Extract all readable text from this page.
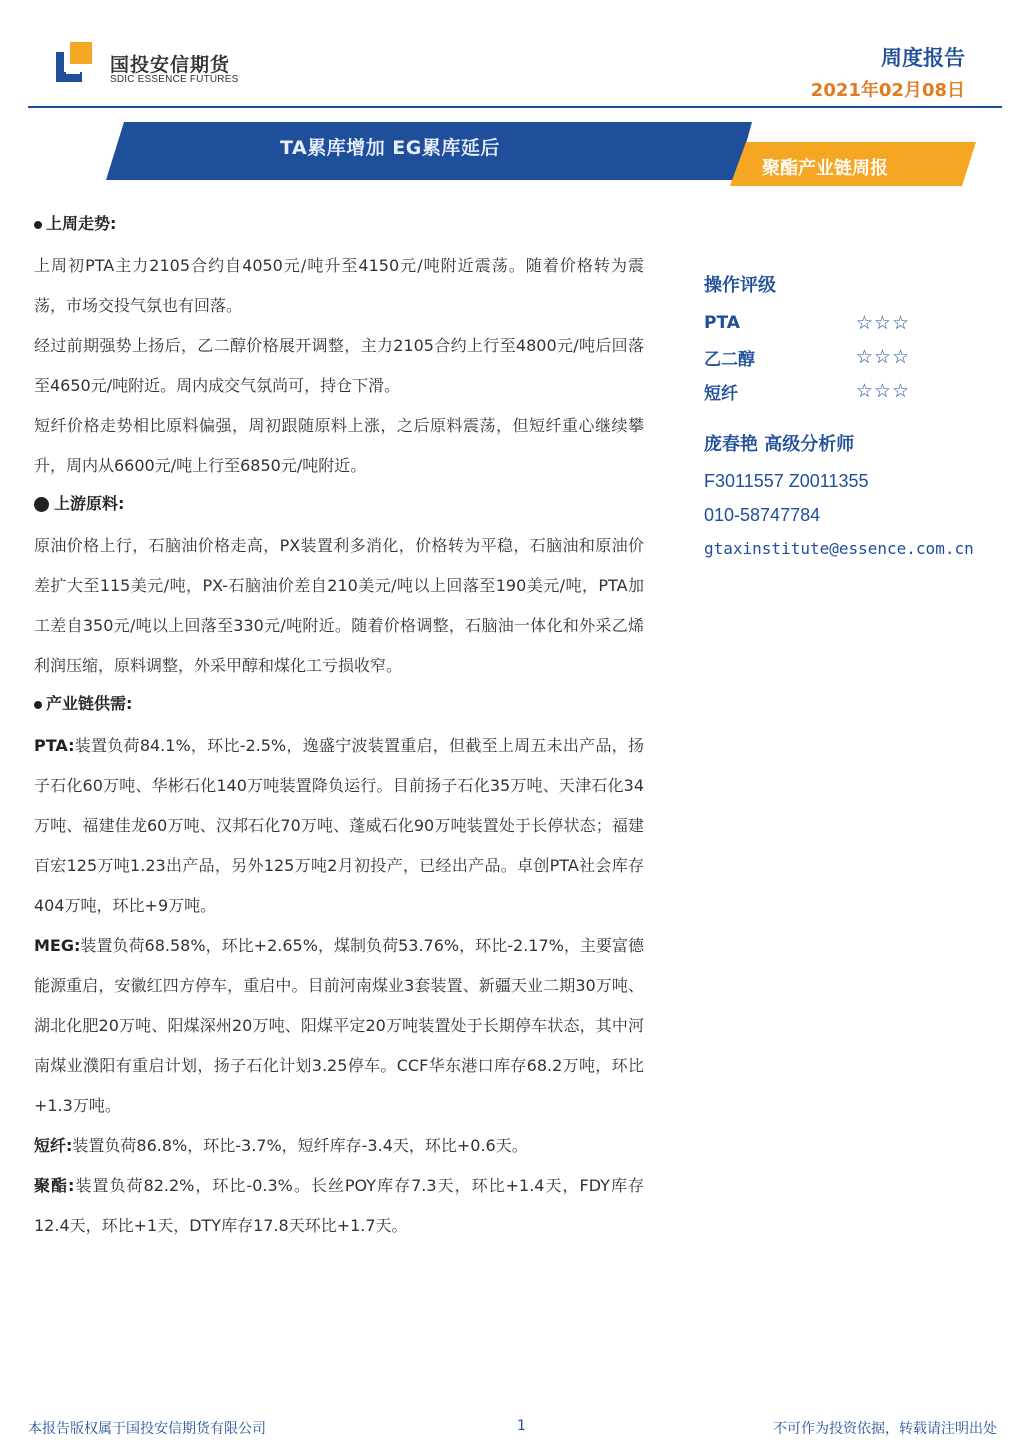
国投安信期货
SDIC ESSENCE FUTURES
周度报告
2021年02月08日
TA累库增加 EG累库延后
聚酯产业链周报
上周走势:

上周初PTA主力2105合约自4050元/吨升至4150元/吨附近震荡。随着价格转为震荡，市场交投气氛也有回落。

经过前期强势上扬后，乙二醇价格展开调整，主力2105合约上行至4800元/吨后回落至4650元/吨附近。周内成交气氛尚可，持仓下滑。

短纤价格走势相比原料偏强，周初跟随原料上涨，之后原料震荡，但短纤重心继续攀升，周内从6600元/吨上行至6850元/吨附近。

上游原料:

原油价格上行，石脑油价格走高，PX装置利多消化，价格转为平稳，石脑油和原油价差扩大至115美元/吨，PX-石脑油价差自210美元/吨以上回落至190美元/吨，PTA加工差自350元/吨以上回落至330元/吨附近。随着价格调整，石脑油一体化和外采乙烯利润压缩，原料调整，外采甲醇和煤化工亏损收窄。

产业链供需:

PTA:装置负荷84.1%，环比-2.5%，逸盛宁波装置重启，但截至上周五未出产品，扬子石化60万吨、华彬石化140万吨装置降负运行。目前扬子石化35万吨、天津石化34万吨、福建佳龙60万吨、汉邦石化70万吨、蓬威石化90万吨装置处于长停状态；福建百宏125万吨1.23出产品，另外125万吨2月初投产，已经出产品。卓创PTA社会库存404万吨，环比+9万吨。

MEG:装置负荷68.58%，环比+2.65%，煤制负荷53.76%，环比-2.17%，主要富德能源重启，安徽红四方停车，重启中。目前河南煤业3套装置、新疆天业二期30万吨、湖北化肥20万吨、阳煤深州20万吨、阳煤平定20万吨装置处于长期停车状态，其中河南煤业濮阳有重启计划，扬子石化计划3.25停车。CCF华东港口库存68.2万吨，环比+1.3万吨。

短纤:装置负荷86.8%，环比-3.7%，短纤库存-3.4天，环比+0.6天。

聚酯:装置负荷82.2%，环比-0.3%。长丝POY库存7.3天，环比+1.4天，FDY库存12.4天，环比+1天，DTY库存17.8天环比+1.7天。

操作评级
PTA	☆☆☆
乙二醇	☆☆☆
短纤	☆☆☆
庞春艳 高级分析师
F3011557 Z0011355
010-58747784
gtaxinstitute@essence.com.cn
本报告版权属于国投安信期货有限公司	1	不可作为投资依据，转载请注明出处
